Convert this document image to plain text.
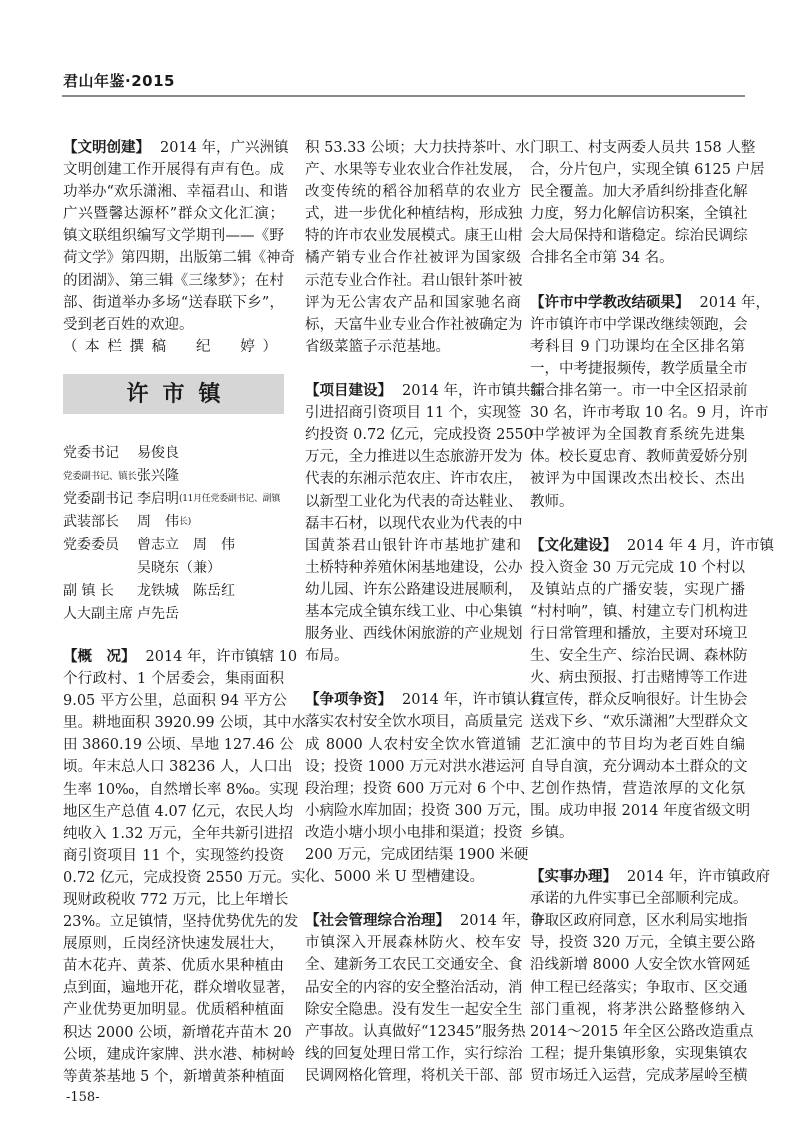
君山年鉴·2015
【文明创建】 2014 年，广兴洲镇
文明创建工作开展得有声有色。成
功举办“欢乐潇湘、幸福君山、和谐
广兴暨馨达源杯”群众文化汇演；
镇文联组织编写文学期刊——《野
荷文学》第四期，出版第二辑《神奇
的团湖》、第三辑《三缘梦》；在村
部、街道举办多场“送春联下乡”，
受到老百姓的欢迎。
（本栏撰稿　纪　婷）
许市镇
党委书记	易俊良
党委副书记、镇长 张兴隆
党委副书记 李启明 (11月任党委副书记、副镇长)
武装部长	周　伟
党委委员	曾志立　周　伟
吴晓东（兼）
副 镇 长	龙铁城　陈岳红
人大副主席 卢先岳
【概　况】 2014 年，许市镇辖 10
个行政村、1 个居委会，集雨面积
9.05 平方公里，总面积 94 平方公
里。耕地面积 3920.99 公顷，其中水
田 3860.19 公顷、旱地 127.46 公
顷。年末总人口 38236 人，人口出
生率 10‰，自然增长率 8‰。实现
地区生产总值 4.07 亿元，农民人均
纯收入 1.32 万元，全年共新引进招
商引资项目 11 个，实现签约投资
0.72 亿元，完成投资 2550 万元。实
现财政税收 772 万元，比上年增长
23%。立足镇情，坚持优势优先的发
展原则，丘岗经济快速发展壮大，
苗木花卉、黄茶、优质水果种植由
点到面，遍地开花，群众增收显著，
产业优势更加明显。优质稻种植面
积达 2000 公顷，新增花卉苗木 20
公顷，建成许家牌、洪水港、柿树岭
等黄茶基地 5 个，新增黄茶种植面
积 53.33 公顷；大力扶持茶叶、水
产、水果等专业农业合作社发展，
改变传统的稻谷加稻草的农业方
式，进一步优化种植结构，形成独
特的许市农业发展模式。康王山柑
橘产销专业合作社被评为国家级
示范专业合作社。君山银针茶叶被
评为无公害农产品和国家驰名商
标，天富牛业专业合作社被确定为
省级菜篮子示范基地。
【项目建设】 2014 年，许市镇共新
引进招商引资项目 11 个，实现签
约投资 0.72 亿元，完成投资 2550
万元，全力推进以生态旅游开发为
代表的东湘示范农庄、许市农庄，
以新型工业化为代表的奇达鞋业、
磊丰石材，以现代农业为代表的中
国黄茶君山银针许市基地扩建和
土桥特种养殖休闲基地建设，公办
幼儿园、许东公路建设进展顺利，
基本完成全镇东线工业、中心集镇
服务业、西线休闲旅游的产业规划
布局。
【争项争资】 2014 年，许市镇认真
落实农村安全饮水项目，高质量完
成 8000 人农村安全饮水管道铺
设；投资 1000 万元对洪水港运河
段治理；投资 600 万元对 6 个中、
小病险水库加固；投资 300 万元，
改造小塘小坝小电排和渠道；投资
200 万元，完成团结渠 1900 米硬
化、5000 米 U 型槽建设。
【社会管理综合治理】 2014 年，许
市镇深入开展森林防火、校车安
全、建新务工农民工交通安全、食
品安全的内容的安全整治活动，消
除安全隐患。没有发生一起安全生
产事故。认真做好“12345”服务热
线的回复处理日常工作，实行综治
民调网格化管理，将机关干部、部
门职工、村支两委人员共 158 人整
合，分片包户，实现全镇 6125 户居
民全覆盖。加大矛盾纠纷排查化解
力度，努力化解信访积案，全镇社
会大局保持和谐稳定。综治民调综
合排名全市第 34 名。
【许市中学教改结硕果】 2014 年，
许市镇许市中学课改继续领跑，会
考科目 9 门功课均在全区排名第
一，中考捷报频传，教学质量全市
综合排名第一。市一中全区招录前
30 名，许市考取 10 名。9 月，许市
中学被评为全国教育系统先进集
体。校长夏忠育、教师黄爱娇分别
被评为中国课改杰出校长、杰出
教师。
【文化建设】 2014 年 4 月，许市镇
投入资金 30 万元完成 10 个村以
及镇站点的广播安装，实现广播
“村村响”，镇、村建立专门机构进
行日常管理和播放，主要对环境卫
生、安全生产、综治民调、森林防
火、病虫预报、打击赌博等工作进
行宣传，群众反响很好。计生协会
送戏下乡、“欢乐潇湘”大型群众文
艺汇演中的节目均为老百姓自编
自导自演，充分调动本土群众的文
艺创作热情，营造浓厚的文化氛
围。成功申报 2014 年度省级文明
乡镇。
【实事办理】 2014 年，许市镇政府
承诺的九件实事已全部顺利完成。
争取区政府同意，区水利局实地指
导，投资 320 万元，全镇主要公路
沿线新增 8000 人安全饮水管网延
伸工程已经落实；争取市、区交通
部门重视，将茅洪公路整修纳入
2014～2015 年全区公路改造重点
工程；提升集镇形象，实现集镇农
贸市场迁入运营，完成茅屋岭至横
-158-
